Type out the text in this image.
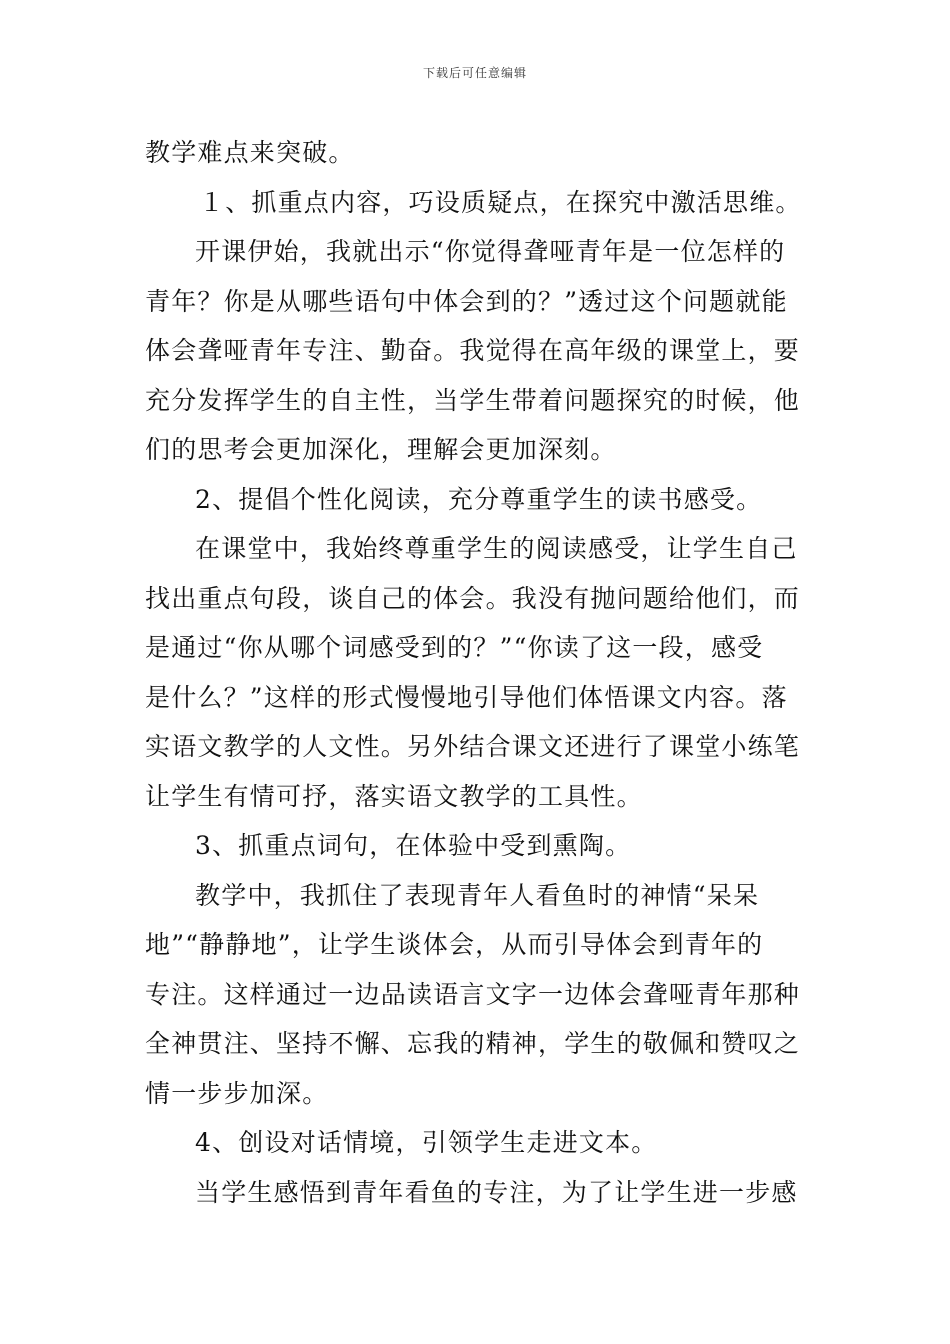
下载后可任意编辑
教学难点来突破。
１、抓重点内容，巧设质疑点，在探究中激活思维。
开课伊始，我就出示“你觉得聋哑青年是一位怎样的
青年？你是从哪些语句中体会到的？”透过这个问题就能
体会聋哑青年专注、勤奋。我觉得在高年级的课堂上，要
充分发挥学生的自主性，当学生带着问题探究的时候，他
们的思考会更加深化，理解会更加深刻。
2、提倡个性化阅读，充分尊重学生的读书感受。
在课堂中，我始终尊重学生的阅读感受，让学生自己
找出重点句段，谈自己的体会。我没有抛问题给他们，而
是通过“你从哪个词感受到的？”“你读了这一段，感受
是什么？”这样的形式慢慢地引导他们体悟课文内容。落
实语文教学的人文性。另外结合课文还进行了课堂小练笔
让学生有情可抒，落实语文教学的工具性。
3、抓重点词句，在体验中受到熏陶。
教学中，我抓住了表现青年人看鱼时的神情“呆呆
地”“静静地”，让学生谈体会，从而引导体会到青年的
专注。这样通过一边品读语言文字一边体会聋哑青年那种
全神贯注、坚持不懈、忘我的精神，学生的敬佩和赞叹之
情一步步加深。
4、创设对话情境，引领学生走进文本。
当学生感悟到青年看鱼的专注，为了让学生进一步感
